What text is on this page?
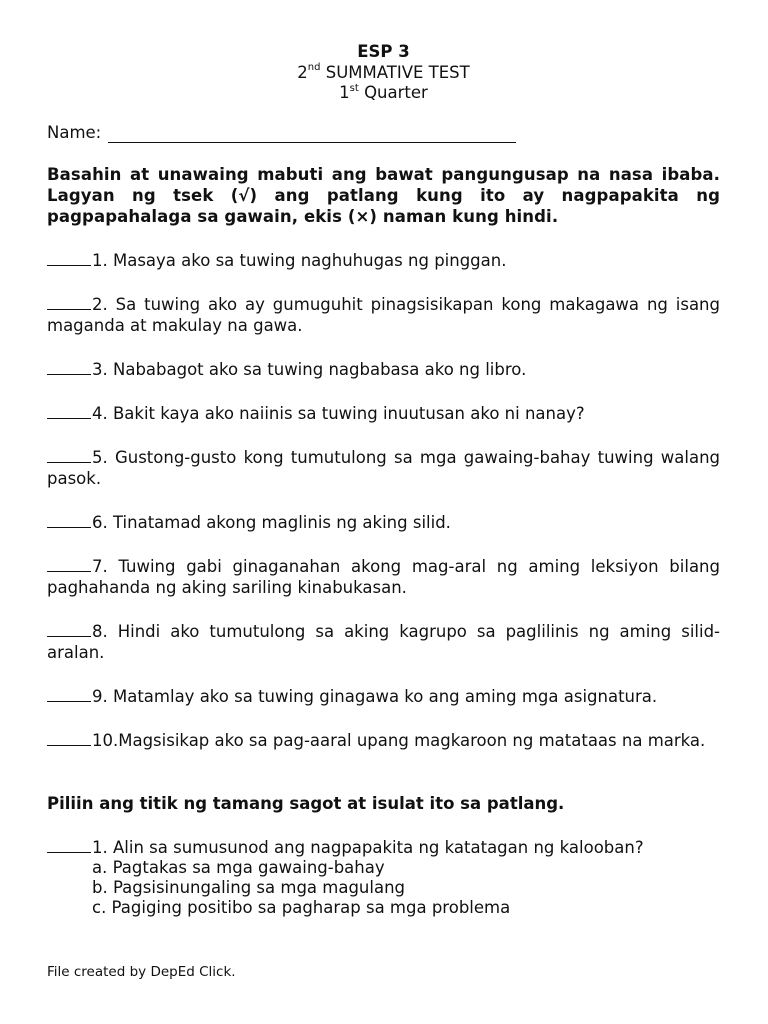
ESP 3
2nd SUMMATIVE TEST
1st Quarter
Name:
Basahin at unawaing mabuti ang bawat pangungusap na nasa ibaba. Lagyan ng tsek (√) ang patlang kung ito ay nagpapakita ng pagpapahalaga sa gawain, ekis (×) naman kung hindi.
1. Masaya ako sa tuwing naghuhugas ng pinggan.
2. Sa tuwing ako ay gumuguhit pinagsisikapan kong makagawa ng isang maganda at makulay na gawa.
3. Nababagot ako sa tuwing nagbabasa ako ng libro.
4. Bakit kaya ako naiinis sa tuwing inuutusan ako ni nanay?
5. Gustong-gusto kong tumutulong sa mga gawaing-bahay tuwing walang pasok.
6. Tinatamad akong maglinis ng aking silid.
7. Tuwing gabi ginaganahan akong mag-aral ng aming leksiyon bilang paghahanda ng aking sariling kinabukasan.
8. Hindi ako tumutulong sa aking kagrupo sa paglilinis ng aming silid-aralan.
9. Matamlay ako sa tuwing ginagawa ko ang aming mga asignatura.
10.Magsisikap ako sa pag-aaral upang magkaroon ng matataas na marka.
Piliin ang titik ng tamang sagot at isulat ito sa patlang.
1. Alin sa sumusunod ang nagpapakita ng katatagan ng kalooban?
a. Pagtakas sa mga gawaing-bahay
b. Pagsisinungaling sa mga magulang
c. Pagiging positibo sa pagharap sa mga problema
File created by DepEd Click.
